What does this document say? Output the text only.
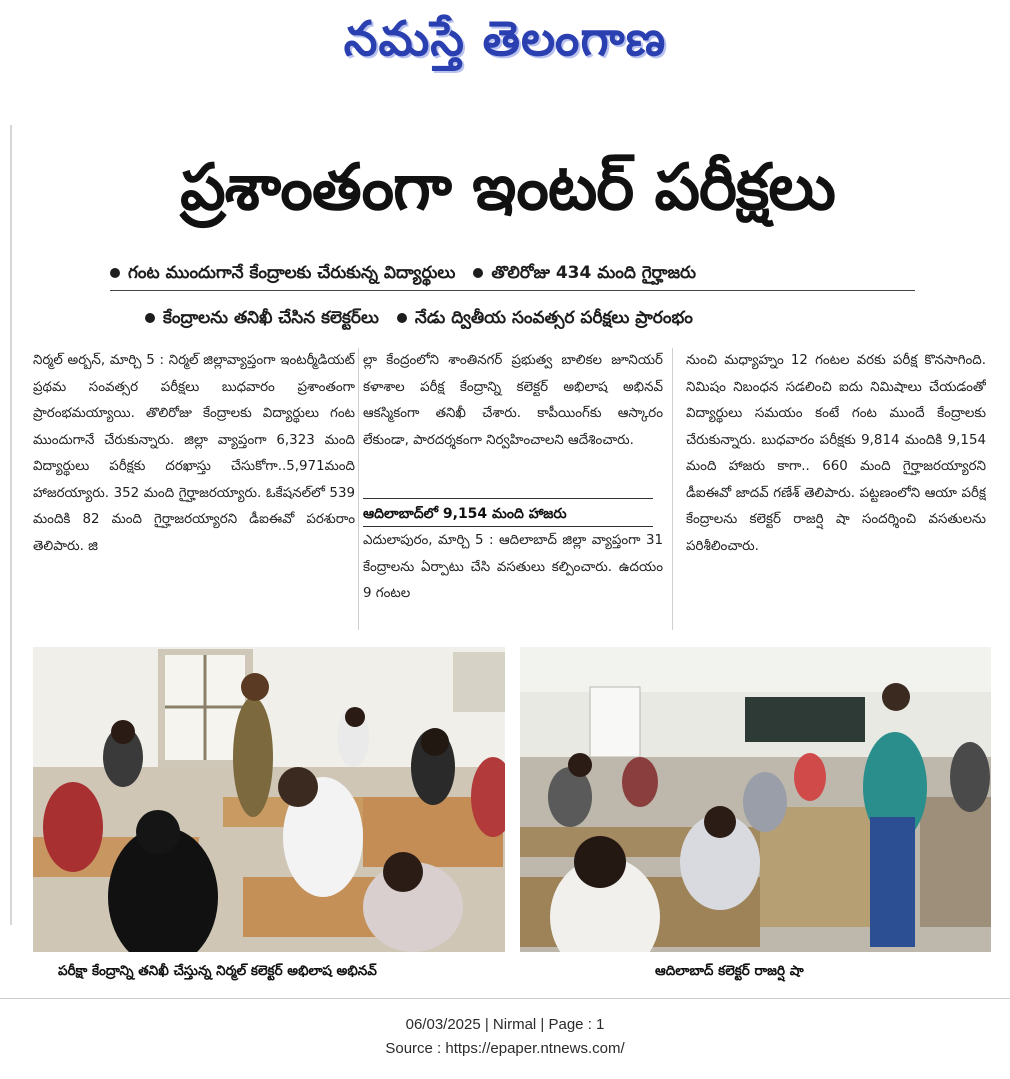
నమస్తే తెలంగాణ
ప్రశాంతంగా ఇంటర్ పరీక్షలు
గంట ముందుగానే కేంద్రాలకు చేరుకున్న విద్యార్థులు తొలిరోజు 434 మంది గైర్హాజరు
కేంద్రాలను తనిఖీ చేసిన కలెక్టర్‌లు నేడు ద్వితీయ సంవత్సర పరీక్షలు ప్రారంభం
నిర్మల్ అర్బన్, మార్చి 5 : నిర్మల్ జిల్లావ్యాప్తంగా ఇంటర్మీడియట్ ప్రథమ సంవత్సర పరీక్షలు బుధవారం ప్రశాంతంగా ప్రారంభమయ్యాయి. తొలిరోజు కేంద్రాలకు విద్యార్థులు గంట ముందుగానే చేరుకున్నారు. జిల్లా వ్యాప్తంగా 6,323 మంది విద్యార్థులు పరీక్షకు దరఖాస్తు చేసుకోగా..5,971మంది హాజరయ్యారు. 352 మంది గైర్హాజరయ్యారు. ఓకేషనల్‌లో 539 మందికి 82 మంది గైర్హాజరయ్యారని డీఐఈవో పరశురాం తెలిపారు. జి
ల్లా కేంద్రంలోని శాంతినగర్ ప్రభుత్వ బాలికల జూనియర్ కళాశాల పరీక్ష కేంద్రాన్ని కలెక్టర్ అభిలాష అభినవ్ ఆకస్మికంగా తనిఖీ చేశారు. కాపీయింగ్‌కు ఆస్కారం లేకుండా, పారదర్శకంగా నిర్వహించాలని ఆదేశించారు.
ఆదిలాబాద్‌లో 9,154 మంది హాజరు
ఎదులాపురం, మార్చి 5 : ఆదిలాబాద్ జిల్లా వ్యాప్తంగా 31 కేంద్రాలను ఏర్పాటు చేసి వసతులు కల్పించారు. ఉదయం 9 గంటల
నుంచి మధ్యాహ్నం 12 గంటల వరకు పరీక్ష కొనసాగింది. నిమిషం నిబంధన సడలించి ఐదు నిమిషాలు చేయడంతో విద్యార్థులు సమయం కంటే గంట ముందే కేంద్రాలకు చేరుకున్నారు. బుధవారం పరీక్షకు 9,814 మందికి 9,154 మంది హాజరు కాగా.. 660 మంది గైర్హాజరయ్యారని డీఐఈవో జాదవ్ గణేశ్ తెలిపారు. పట్టణంలోని ఆయా పరీక్ష కేంద్రాలను కలెక్టర్ రాజర్షి షా సందర్శించి వసతులను పరిశీలించారు.
పరీక్షా కేంద్రాన్ని తనిఖీ చేస్తున్న నిర్మల్ కలెక్టర్ అభిలాష అభినవ్	ఆదిలాబాద్ కలెక్టర్ రాజర్షి షా
06/03/2025 | Nirmal | Page : 1
Source : https://epaper.ntnews.com/
